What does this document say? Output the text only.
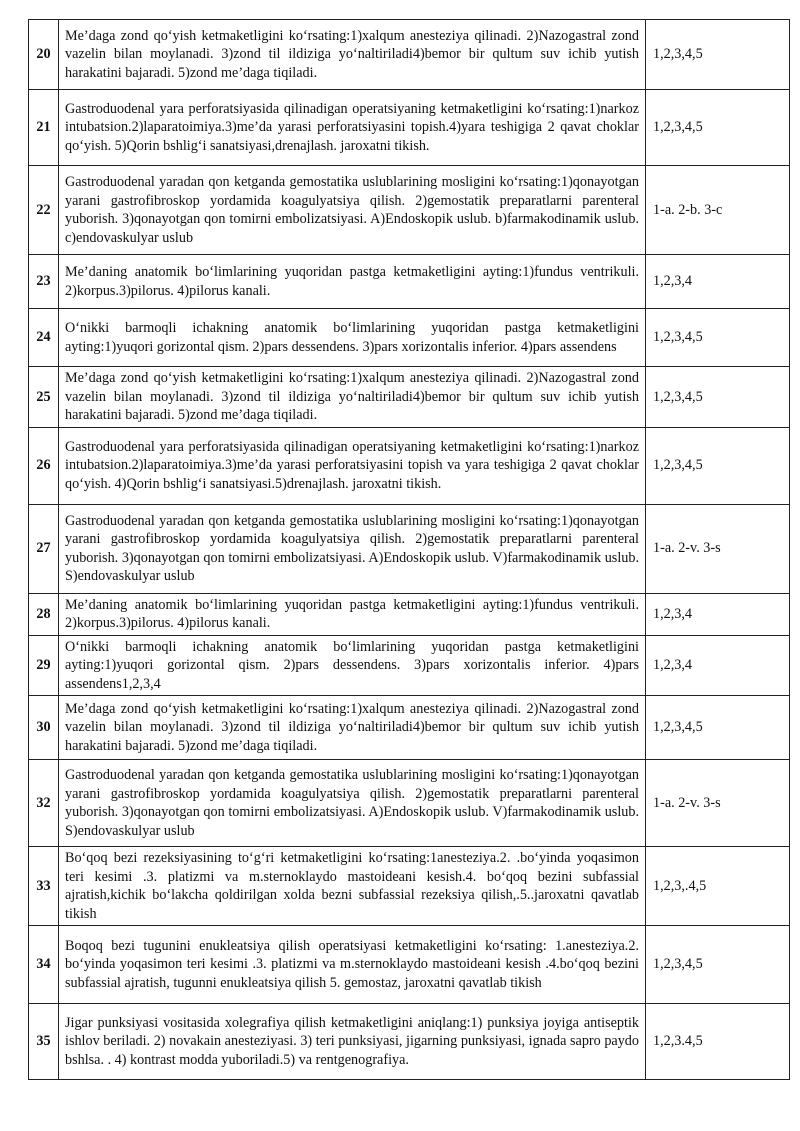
20	Me’daga zond qo‘yish ketmaketligini ko‘rsating:1)xalqum anesteziya qilinadi. 2)Nazogastral zond vazelin bilan moylanadi. 3)zond til ildiziga yo‘naltiriladi4)bemor bir qultum suv ichib yutish harakatini bajaradi. 5)zond me’daga tiqiladi.	1,2,3,4,5
21	Gastroduodenal yara perforatsiyasida qilinadigan operatsiyaning ketmaketligini ko‘rsating:1)narkoz intubatsion.2)laparatoimiya.3)me’da yarasi perforatsiyasini topish.4)yara teshigiga 2 qavat choklar qo‘yish. 5)Qorin bshlig‘i sanatsiyasi,drenajlash. jaroxatni tikish.	1,2,3,4,5
22	Gastroduodenal yaradan qon ketganda gemostatika uslublarining mosligini ko‘rsating:1)qonayotgan yarani gastrofibroskop yordamida koagulyatsiya qilish. 2)gemostatik preparatlarni parenteral yuborish. 3)qonayotgan qon tomirni embolizatsiyasi. A)Endoskopik uslub. b)farmakodinamik uslub. c)endovaskulyar uslub	1-a. 2-b. 3-c
23	Me’daning anatomik bo‘limlarining yuqoridan pastga ketmaketligini ayting:1)fundus ventrikuli. 2)korpus.3)pilorus. 4)pilorus kanali.	1,2,3,4
24	O‘nikki barmoqli ichakning anatomik bo‘limlarining yuqoridan pastga ketmaketligini ayting:1)yuqori gorizontal qism. 2)pars dessendens. 3)pars xorizontalis inferior. 4)pars assendens	1,2,3,4,5
25	Me’daga zond qo‘yish ketmaketligini ko‘rsating:1)xalqum anesteziya qilinadi. 2)Nazogastral zond vazelin bilan moylanadi. 3)zond til ildiziga yo‘naltiriladi4)bemor bir qultum suv ichib yutish harakatini bajaradi. 5)zond me’daga tiqiladi.	1,2,3,4,5
26	Gastroduodenal yara perforatsiyasida qilinadigan operatsiyaning ketmaketligini ko‘rsating:1)narkoz intubatsion.2)laparatoimiya.3)me’da yarasi perforatsiyasini topish va yara teshigiga 2 qavat choklar qo‘yish. 4)Qorin bshlig‘i sanatsiyasi.5)drenajlash. jaroxatni tikish.	1,2,3,4,5
27	Gastroduodenal yaradan qon ketganda gemostatika uslublarining mosligini ko‘rsating:1)qonayotgan yarani gastrofibroskop yordamida koagulyatsiya qilish. 2)gemostatik preparatlarni parenteral yuborish. 3)qonayotgan qon tomirni embolizatsiyasi. A)Endoskopik uslub. V)farmakodinamik uslub. S)endovaskulyar uslub	1-a. 2-v. 3-s
28	Me’daning anatomik bo‘limlarining yuqoridan pastga ketmaketligini ayting:1)fundus ventrikuli. 2)korpus.3)pilorus. 4)pilorus kanali.	1,2,3,4
29	O‘nikki barmoqli ichakning anatomik bo‘limlarining yuqoridan pastga ketmaketligini ayting:1)yuqori gorizontal qism. 2)pars dessendens. 3)pars xorizontalis inferior. 4)pars assendens1,2,3,4	1,2,3,4
30	Me’daga zond qo‘yish ketmaketligini ko‘rsating:1)xalqum anesteziya qilinadi. 2)Nazogastral zond vazelin bilan moylanadi. 3)zond til ildiziga yo‘naltiriladi4)bemor bir qultum suv ichib yutish harakatini bajaradi. 5)zond me’daga tiqiladi.	1,2,3,4,5
32	Gastroduodenal yaradan qon ketganda gemostatika uslublarining mosligini ko‘rsating:1)qonayotgan yarani gastrofibroskop yordamida koagulyatsiya qilish. 2)gemostatik preparatlarni parenteral yuborish. 3)qonayotgan qon tomirni embolizatsiyasi. A)Endoskopik uslub. V)farmakodinamik uslub. S)endovaskulyar uslub	1-a. 2-v. 3-s
33	Bo‘qoq bezi rezeksiyasining to‘g‘ri ketmaketligini ko‘rsating:1anesteziya.2. .bo‘yinda yoqasimon teri kesimi .3. platizmi va m.sternoklaydo mastoideani kesish.4. bo‘qoq bezini subfassial ajratish,kichik bo‘lakcha qoldirilgan xolda bezni subfassial rezeksiya qilish,.5..jaroxatni qavatlab tikish	1,2,3,.4,5
34	Boqoq bezi tugunini enukleatsiya qilish operatsiyasi ketmaketligini ko‘rsating: 1.anesteziya.2. bo‘yinda yoqasimon teri kesimi .3. platizmi va m.sternoklaydo mastoideani kesish .4.bo‘qoq bezini subfassial ajratish, tugunni enukleatsiya qilish 5. gemostaz, jaroxatni qavatlab tikish	1,2,3,4,5
35	Jigar punksiyasi vositasida xolegrafiya qilish ketmaketligini aniqlang:1) punksiya joyiga antiseptik ishlov beriladi. 2) novakain anesteziyasi. 3) teri punksiyasi, jigarning punksiyasi, ignada sapro paydo bshlsa. . 4) kontrast modda yuboriladi.5) va rentgenografiya.	1,2,3.4,5
